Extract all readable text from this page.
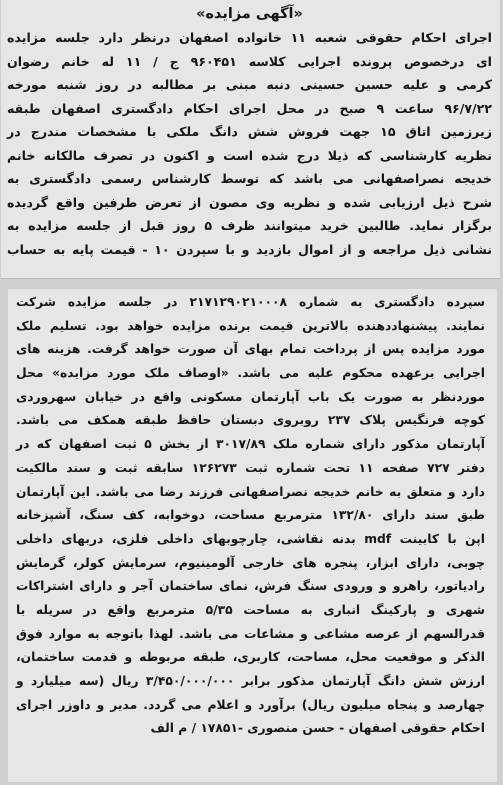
«آگهی مزایده»
اجرای احکام حقوقی شعبه ۱۱ خانواده اصفهان درنظر دارد جلسه مزایده
ای درخصوص پرونده اجرایی کلاسه ۹۶۰۴۵۱ ج / ۱۱ له خانم رضوان
کرمی و علیه حسین حسینی دنبه مبنی بر مطالبه در روز شنبه مورخه
۹۶/۷/۲۲ ساعت ۹ صبح در محل اجرای احکام دادگستری اصفهان طبقه
زیرزمین اتاق ۱۵ جهت فروش شش دانگ ملکی با مشخصات مندرج در
نظریه کارشناسی که ذیلا درج شده است و اکنون در تصرف مالکانه خانم
خدیجه نصراصفهانی می باشد که توسط کارشناس رسمی دادگستری به
شرح ذیل ارزیابی شده و نظریه وی مصون از تعرض طرفین واقع گردیده
برگزار نماید. طالبین خرید میتوانند ظرف ۵ روز قبل از جلسه مزایده به
نشانی ذیل مراجعه و از اموال بازدید و با سپردن ۱۰ - قیمت پایه به حساب
سپرده دادگستری به شماره ۲۱۷۱۲۹۰۲۱۰۰۰۸ در جلسه مزایده شرکت
نمایند. پیشنهاددهنده بالاترین قیمت برنده مزایده خواهد بود. تسلیم ملک
مورد مزایده پس از پرداخت تمام بهای آن صورت خواهد گرفت. هزینه های
اجرایی برعهده محکوم علیه می باشد. «اوصاف ملک مورد مزایده» محل
موردنظر به صورت یک باب آپارتمان مسکونی واقع در خیابان سهروردی
کوچه فرنگیس پلاک ۲۳۷ روبروی دبستان حافظ طبقه همکف می باشد.
آپارتمان مذکور دارای شماره ملک ۳۰۱۷/۸۹ از بخش ۵ ثبت اصفهان که در
دفتر ۷۲۷ صفحه ۱۱ تحت شماره ثبت ۱۲۶۲۷۳ سابقه ثبت و سند مالکیت
دارد و متعلق به خانم خدیجه نصراصفهانی فرزند رضا می باشد. این آپارتمان
طبق سند دارای ۱۳۲/۸۰ مترمربع مساحت، دوخوابه، کف سنگ، آشپزخانه
اپن با کابینت mdf بدنه نقاشی، چارچوبهای داخلی فلزی، دربهای داخلی
چوبی، دارای ابزار، پنجره های خارجی آلومینیوم، سرمایش کولر، گرمایش
رادیاتور، راهرو و ورودی سنگ فرش، نمای ساختمان آجر و دارای اشتراکات
شهری و پارکینگ انباری به مساحت ۵/۳۵ مترمربع واقع در سریله با
قدرالسهم از عرصه مشاعی و مشاعات می باشد. لهذا باتوجه به موارد فوق
الذکر و موقعیت محل، مساحت، کاربری، طبقه مربوطه و قدمت ساختمان،
ارزش شش دانگ آپارتمان مذکور برابر ۳/۴۵۰/۰۰۰/۰۰۰ ریال (سه میلیارد و
چهارصد و پنجاه میلیون ریال) برآورد و اعلام می گردد. مدیر و داوزر اجرای
احکام حقوقی اصفهان - حسن منصوری -۱۷۸۵۱ / م الف
